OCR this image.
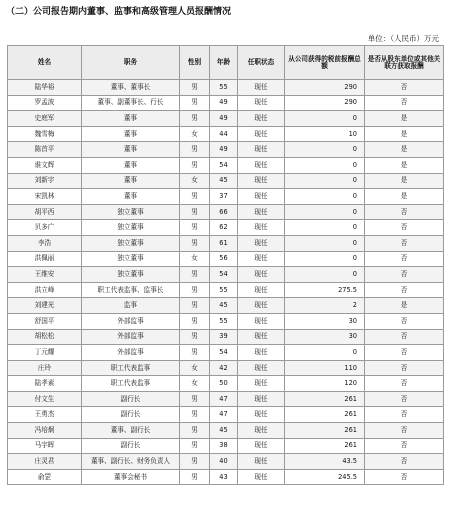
（二）公司报告期内董事、监事和高级管理人员报酬情况
单位：（人民币）万元
姓名	职务	性别	年龄	任职状态	从公司获得的税前报酬总额	是否从股东单位或其他关联方获取报酬
陆华裕	董事、董事长	男	55	现任	290	否
罗孟波	董事、副董事长、行长	男	49	现任	290	否
史庭军	董事	男	49	现任	0	是
魏雪梅	董事	女	44	现任	10	是
陈首平	董事	男	49	现任	0	是
谁文辉	董事	男	54	现任	0	是
刘新宇	董事	女	45	现任	0	是
宋凯林	董事	男	37	现任	0	是
胡平西	独立董事	男	66	现任	0	否
贝多广	独立董事	男	62	现任	0	否
李浩	独立董事	男	61	现任	0	否
洪佩丽	独立董事	女	56	现任	0	否
王维安	独立董事	男	54	现任	0	否
洪立峰	职工代表监事、监事长	男	55	现任	275.5	否
刘建光	监事	男	45	现任	2	是
舒国平	外部监事	男	55	现任	30	否
胡松松	外部监事	男	39	现任	30	否
丁元耀	外部监事	男	54	现任	0	否
庄玲	职工代表监事	女	42	现任	110	否
陆孝素	职工代表监事	女	50	现任	120	否
付文生	副行长	男	47	现任	261	否
王勇杰	副行长	男	47	现任	261	否
冯培炯	董事、副行长	男	45	现任	261	否
马宇晖	副行长	男	38	现任	261	否
庄灵君	董事、副行长、财务负责人	男	40	现任	43.5	否
俞罡	董事会秘书	男	43	现任	245.5	否
